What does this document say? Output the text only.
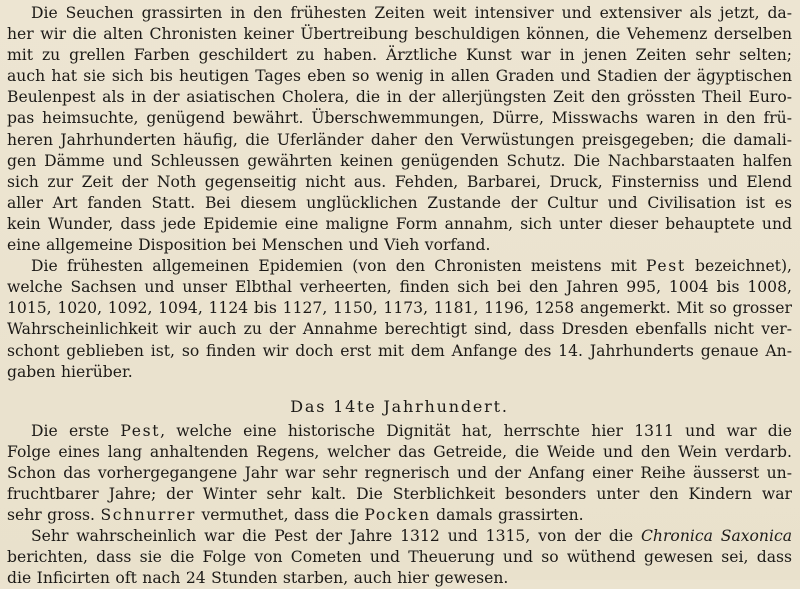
Die Seuchen grassirten in den frühesten Zeiten weit intensiver und extensiver als jetzt, da-
her wir die alten Chronisten keiner Übertreibung beschuldigen können, die Vehemenz derselben
mit zu grellen Farben geschildert zu haben. Ärztliche Kunst war in jenen Zeiten sehr selten;
auch hat sie sich bis heutigen Tages eben so wenig in allen Graden und Stadien der ägyptischen
Beulenpest als in der asiatischen Cholera, die in der allerjüngsten Zeit den grössten Theil Euro-
pas heimsuchte, genügend bewährt. Überschwemmungen, Dürre, Misswachs waren in den frü-
heren Jahrhunderten häufig, die Uferländer daher den Verwüstungen preisgegeben; die damali-
gen Dämme und Schleussen gewährten keinen genügenden Schutz. Die Nachbarstaaten halfen
sich zur Zeit der Noth gegenseitig nicht aus. Fehden, Barbarei, Druck, Finsterniss und Elend
aller Art fanden Statt. Bei diesem unglücklichen Zustande der Cultur und Civilisation ist es
kein Wunder, dass jede Epidemie eine maligne Form annahm, sich unter dieser behauptete und
eine allgemeine Disposition bei Menschen und Vieh vorfand.
Die frühesten allgemeinen Epidemien (von den Chronisten meistens mit Pest bezeichnet),
welche Sachsen und unser Elbthal verheerten, finden sich bei den Jahren 995, 1004 bis 1008,
1015, 1020, 1092, 1094, 1124 bis 1127, 1150, 1173, 1181, 1196, 1258 angemerkt. Mit so grosser
Wahrscheinlichkeit wir auch zu der Annahme berechtigt sind, dass Dresden ebenfalls nicht ver-
schont geblieben ist, so finden wir doch erst mit dem Anfange des 14. Jahrhunderts genaue An-
gaben hierüber.
Das 14te Jahrhundert.
Die erste Pest, welche eine historische Dignität hat, herrschte hier 1311 und war die
Folge eines lang anhaltenden Regens, welcher das Getreide, die Weide und den Wein verdarb.
Schon das vorhergegangene Jahr war sehr regnerisch und der Anfang einer Reihe äusserst un-
fruchtbarer Jahre; der Winter sehr kalt. Die Sterblichkeit besonders unter den Kindern war
sehr gross. Schnurrer vermuthet, dass die Pocken damals grassirten.
Sehr wahrscheinlich war die Pest der Jahre 1312 und 1315, von der die Chronica Saxonica
berichten, dass sie die Folge von Cometen und Theuerung und so wüthend gewesen sei, dass
die Inficirten oft nach 24 Stunden starben, auch hier gewesen.
